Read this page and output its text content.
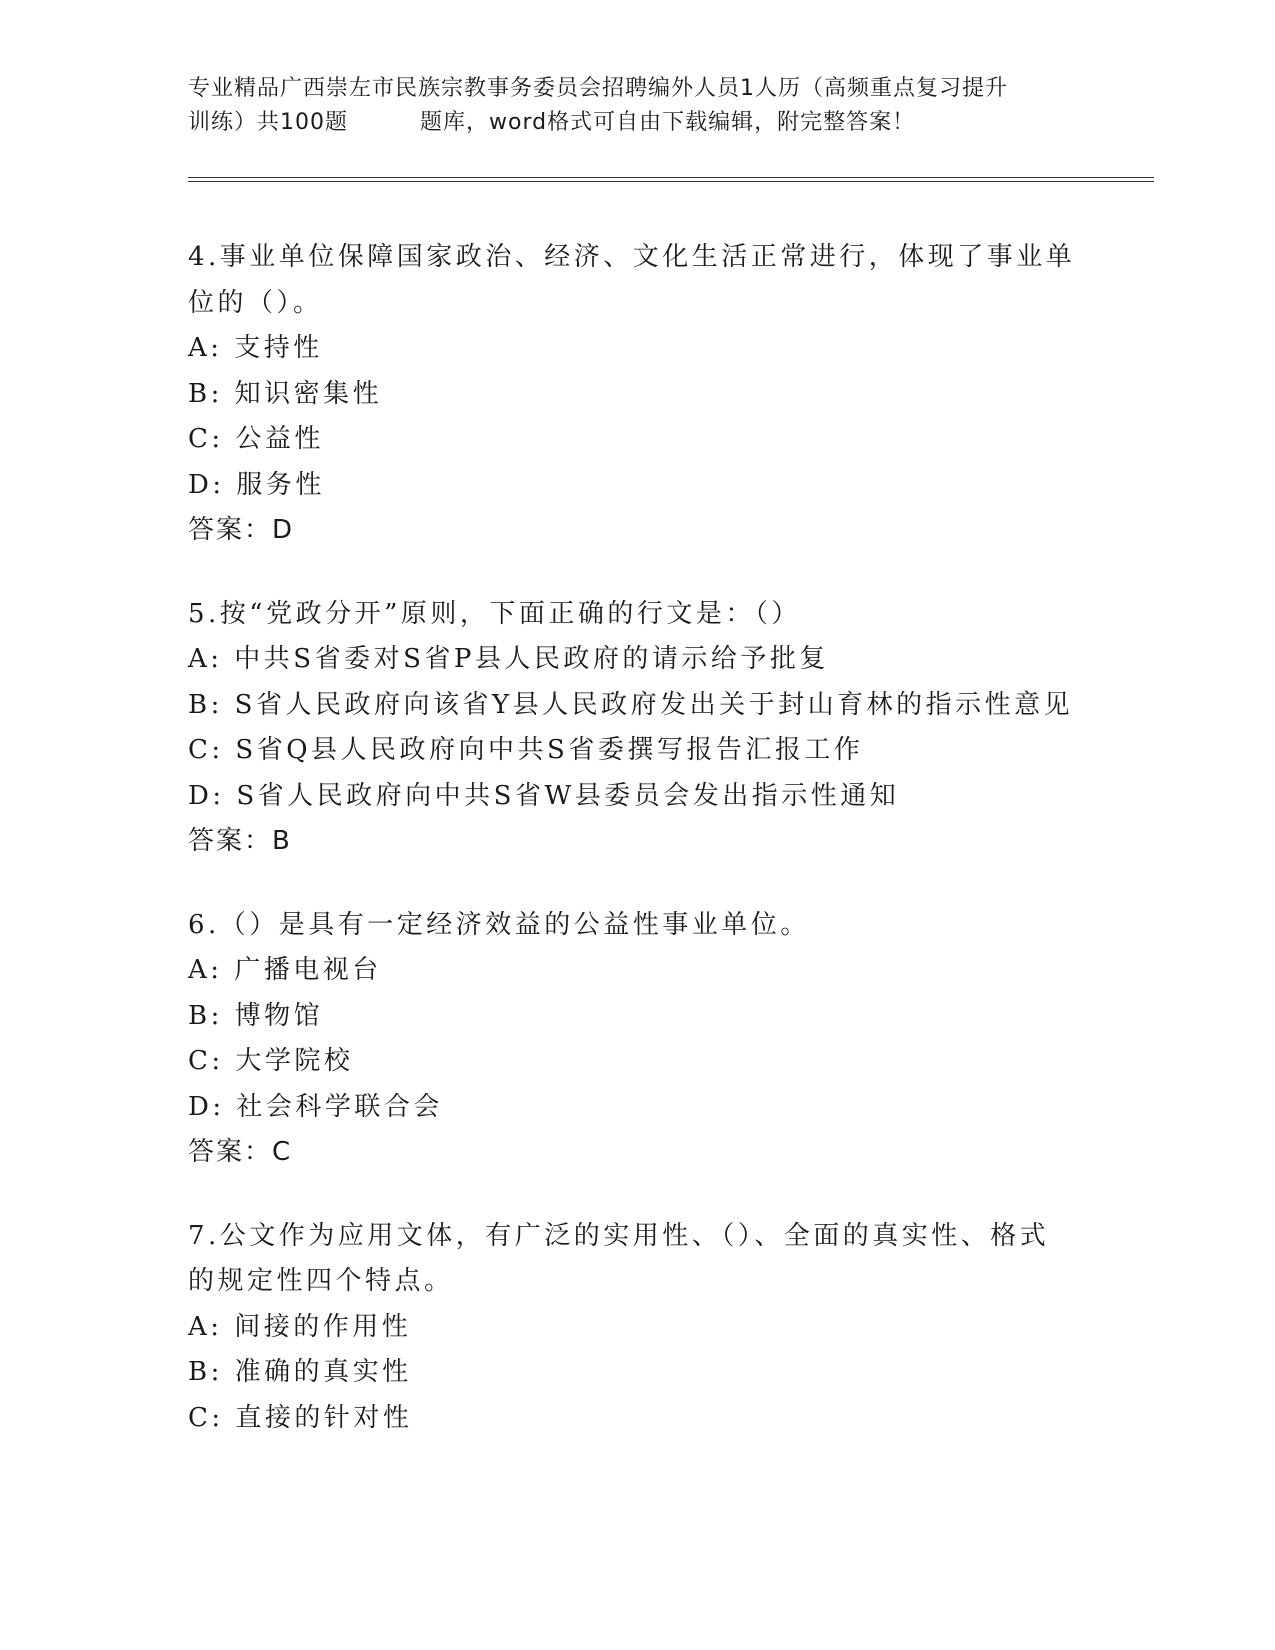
专业精品广西崇左市民族宗教事务委员会招聘编外人员1人历（高频重点复习提升
训练）共100题	题库，word格式可自由下载编辑，附完整答案！
4.事业单位保障国家政治、经济、文化生活正常进行，体现了事业单
位的（）。
A: 支持性
B: 知识密集性
C: 公益性
D: 服务性
答案：D
5.按“党政分开”原则，下面正确的行文是：（）
A: 中共S省委对S省P县人民政府的请示给予批复
B: S省人民政府向该省Y县人民政府发出关于封山育林的指示性意见
C: S省Q县人民政府向中共S省委撰写报告汇报工作
D: S省人民政府向中共S省W县委员会发出指示性通知
答案：B
6.（）是具有一定经济效益的公益性事业单位。
A: 广播电视台
B: 博物馆
C: 大学院校
D: 社会科学联合会
答案：C
7.公文作为应用文体，有广泛的实用性、（）、全面的真实性、格式
的规定性四个特点。
A: 间接的作用性
B: 准确的真实性
C: 直接的针对性
